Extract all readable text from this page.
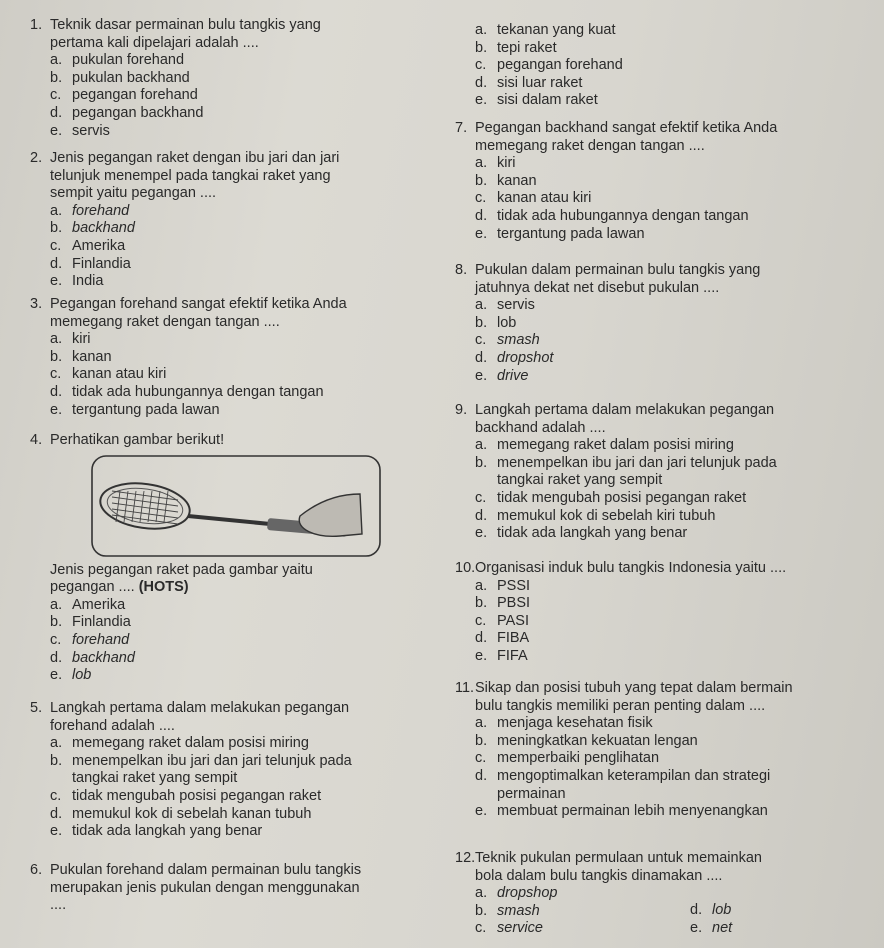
1. Teknik dasar permainan bulu tangkis yang
pertama kali dipelajari adalah ....
a. pukulan forehand
b. pukulan backhand
c. pegangan forehand
d. pegangan backhand
e. servis
2. Jenis pegangan raket dengan ibu jari dan jari
telunjuk menempel pada tangkai raket yang
sempit yaitu pegangan ....
a. forehand
b. backhand
c. Amerika
d. Finlandia
e. India
3. Pegangan forehand sangat efektif ketika Anda
memegang raket dengan tangan ....
a. kiri
b. kanan
c. kanan atau kiri
d. tidak ada hubungannya dengan tangan
e. tergantung pada lawan
4. Perhatikan gambar berikut!
Jenis pegangan raket pada gambar yaitu
pegangan .... (HOTS)
a. Amerika
b. Finlandia
c. forehand
d. backhand
e. lob
5. Langkah pertama dalam melakukan pegangan
forehand adalah ....
a. memegang raket dalam posisi miring
b. menempelkan ibu jari dan jari telunjuk pada
tangkai raket yang sempit
c. tidak mengubah posisi pegangan raket
d. memukul kok di sebelah kanan tubuh
e. tidak ada langkah yang benar
6. Pukulan forehand dalam permainan bulu tangkis
merupakan jenis pukulan dengan menggunakan
....
a. tekanan yang kuat
b. tepi raket
c. pegangan forehand
d. sisi luar raket
e. sisi dalam raket
7. Pegangan backhand sangat efektif ketika Anda
memegang raket dengan tangan ....
a. kiri
b. kanan
c. kanan atau kiri
d. tidak ada hubungannya dengan tangan
e. tergantung pada lawan
8. Pukulan dalam permainan bulu tangkis yang
jatuhnya dekat net disebut pukulan ....
a. servis
b. lob
c. smash
d. dropshot
e. drive
9. Langkah pertama dalam melakukan pegangan
backhand adalah ....
a. memegang raket dalam posisi miring
b. menempelkan ibu jari dan jari telunjuk pada
tangkai raket yang sempit
c. tidak mengubah posisi pegangan raket
d. memukul kok di sebelah kiri tubuh
e. tidak ada langkah yang benar
10. Organisasi induk bulu tangkis Indonesia yaitu ....
a. PSSI
b. PBSI
c. PASI
d. FIBA
e. FIFA
11. Sikap dan posisi tubuh yang tepat dalam bermain
bulu tangkis memiliki peran penting dalam ....
a. menjaga kesehatan fisik
b. meningkatkan kekuatan lengan
c. memperbaiki penglihatan
d. mengoptimalkan keterampilan dan strategi
permainan
e. membuat permainan lebih menyenangkan
12. Teknik pukulan permulaan untuk memainkan
bola dalam bulu tangkis dinamakan ....
a. dropshop
b. smash
c. service
d. lob
e. net
